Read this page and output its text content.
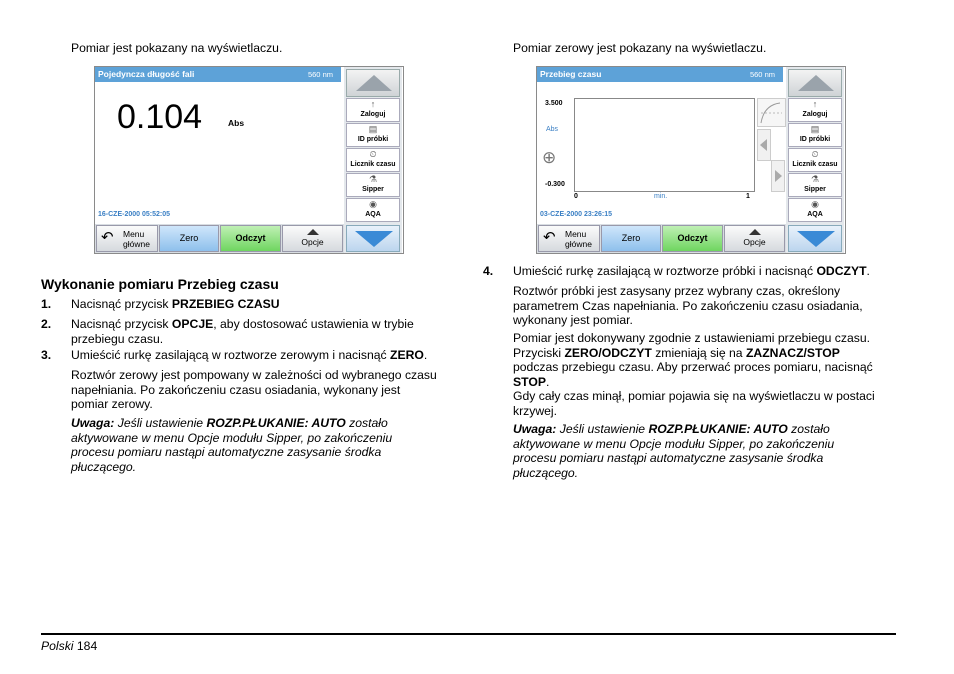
Pomiar jest pokazany na wyświetlaczu.
Pojedyncza długość fali	560 nm
0.104	Abs
16-CZE-2000 05:52:05
↑
Zaloguj
▤
ID próbki
⏲
Licznik czasu
⚗
Sipper
◉
AQA
↶ Menu
główne
Zero	Odczyt	Opcje
Wykonanie pomiaru Przebieg czasu
1. Nacisnąć przycisk PRZEBIEG CZASU
2. Nacisnąć przycisk OPCJE, aby dostosować ustawienia w trybie
przebiegu czasu.
3. Umieścić rurkę zasilającą w roztworze zerowym i nacisnąć ZERO.
Roztwór zerowy jest pompowany w zależności od wybranego czasu
napełniania. Po zakończeniu czasu osiadania, wykonany jest
pomiar zerowy.
Uwaga: Jeśli ustawienie ROZP.PŁUKANIE: AUTO zostało
aktywowane w menu Opcje modułu Sipper, po zakończeniu
procesu pomiaru nastąpi automatyczne zasysanie środka
płuczącego.
Pomiar zerowy jest pokazany na wyświetlaczu.
Przebieg czasu	560 nm
3.500
Abs
⊕
-0.300
0	min.	1
03-CZE-2000 23:26:15
↑
Zaloguj
▤
ID próbki
⏲
Licznik czasu
⚗
Sipper
◉
AQA
↶ Menu
główne
Zero	Odczyt	Opcje
4. Umieścić rurkę zasilającą w roztworze próbki i nacisnąć ODCZYT.
Roztwór próbki jest zasysany przez wybrany czas, określony
parametrem Czas napełniania. Po zakończeniu czasu osiadania,
wykonany jest pomiar.
Pomiar jest dokonywany zgodnie z ustawieniami przebiegu czasu.
Przyciski ZERO/ODCZYT zmieniają się na ZAZNACZ/STOP
podczas przebiegu czasu. Aby przerwać proces pomiaru, nacisnąć
STOP.
Gdy cały czas minął, pomiar pojawia się na wyświetlaczu w postaci
krzywej.
Uwaga: Jeśli ustawienie ROZP.PŁUKANIE: AUTO zostało
aktywowane w menu Opcje modułu Sipper, po zakończeniu
procesu pomiaru nastąpi automatyczne zasysanie środka
płuczącego.
Polski 184
